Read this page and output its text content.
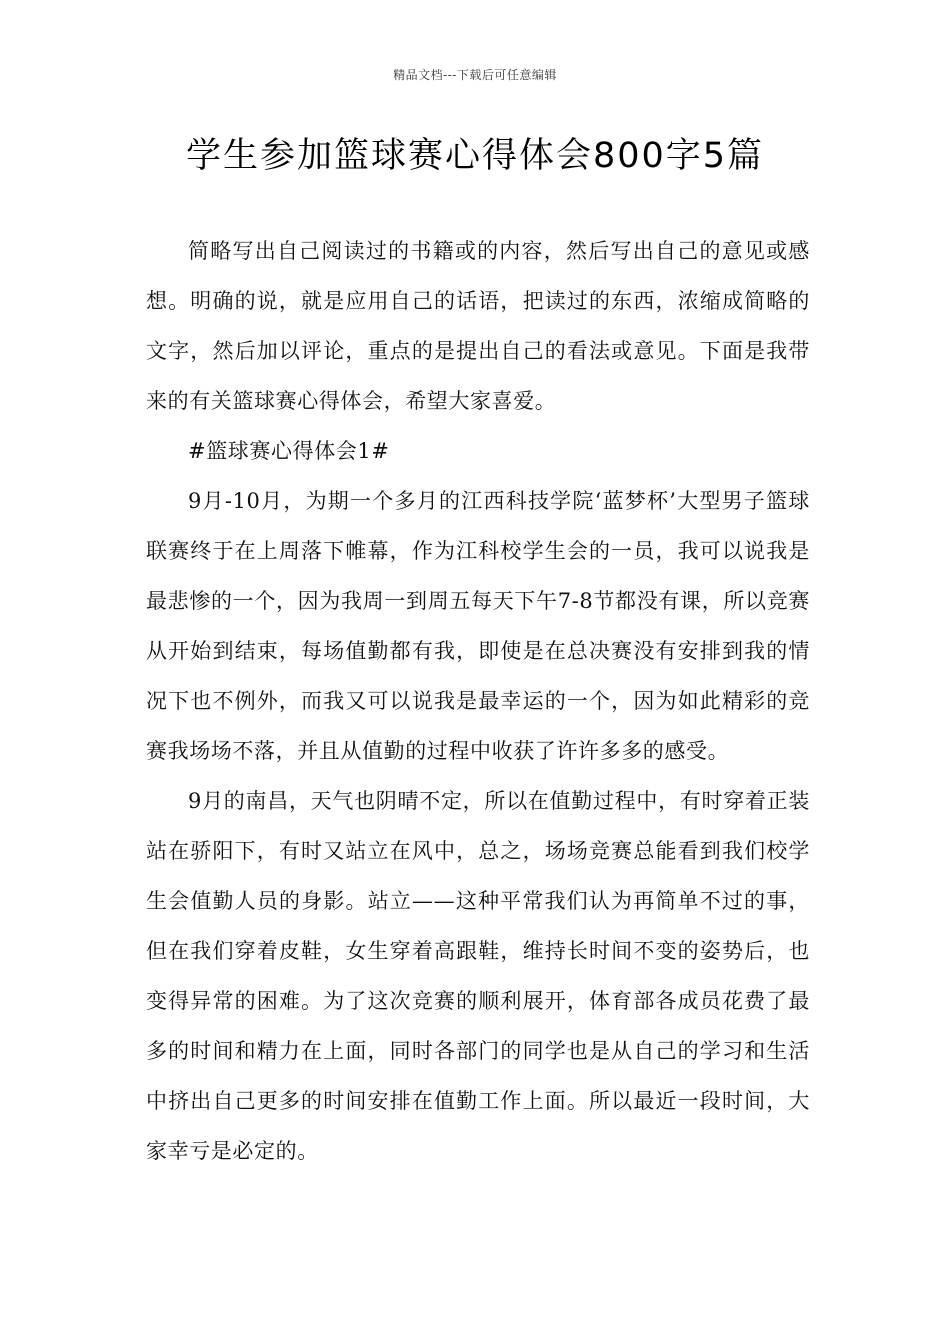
精品文档---下载后可任意编辑
学生参加篮球赛心得体会800字5篇

简略写出自己阅读过的书籍或的内容，然后写出自己的意见或感想。明确的说，就是应用自己的话语，把读过的东西，浓缩成简略的文字，然后加以评论，重点的是提出自己的看法或意见。下面是我带来的有关篮球赛心得体会，希望大家喜爱。

#篮球赛心得体会1#

9月-10月，为期一个多月的江西科技学院‘蓝梦杯’大型男子篮球联赛终于在上周落下帷幕，作为江科校学生会的一员，我可以说我是最悲惨的一个，因为我周一到周五每天下午7-8节都没有课，所以竞赛从开始到结束，每场值勤都有我，即使是在总决赛没有安排到我的情况下也不例外，而我又可以说我是最幸运的一个，因为如此精彩的竞赛我场场不落，并且从值勤的过程中收获了许许多多的感受。

9月的南昌，天气也阴晴不定，所以在值勤过程中，有时穿着正装站在骄阳下，有时又站立在风中，总之，场场竞赛总能看到我们校学生会值勤人员的身影。站立——这种平常我们认为再简单不过的事，但在我们穿着皮鞋，女生穿着高跟鞋，维持长时间不变的姿势后，也变得异常的困难。为了这次竞赛的顺利展开，体育部各成员花费了最多的时间和精力在上面，同时各部门的同学也是从自己的学习和生活中挤出自己更多的时间安排在值勤工作上面。所以最近一段时间，大家幸亏是必定的。
